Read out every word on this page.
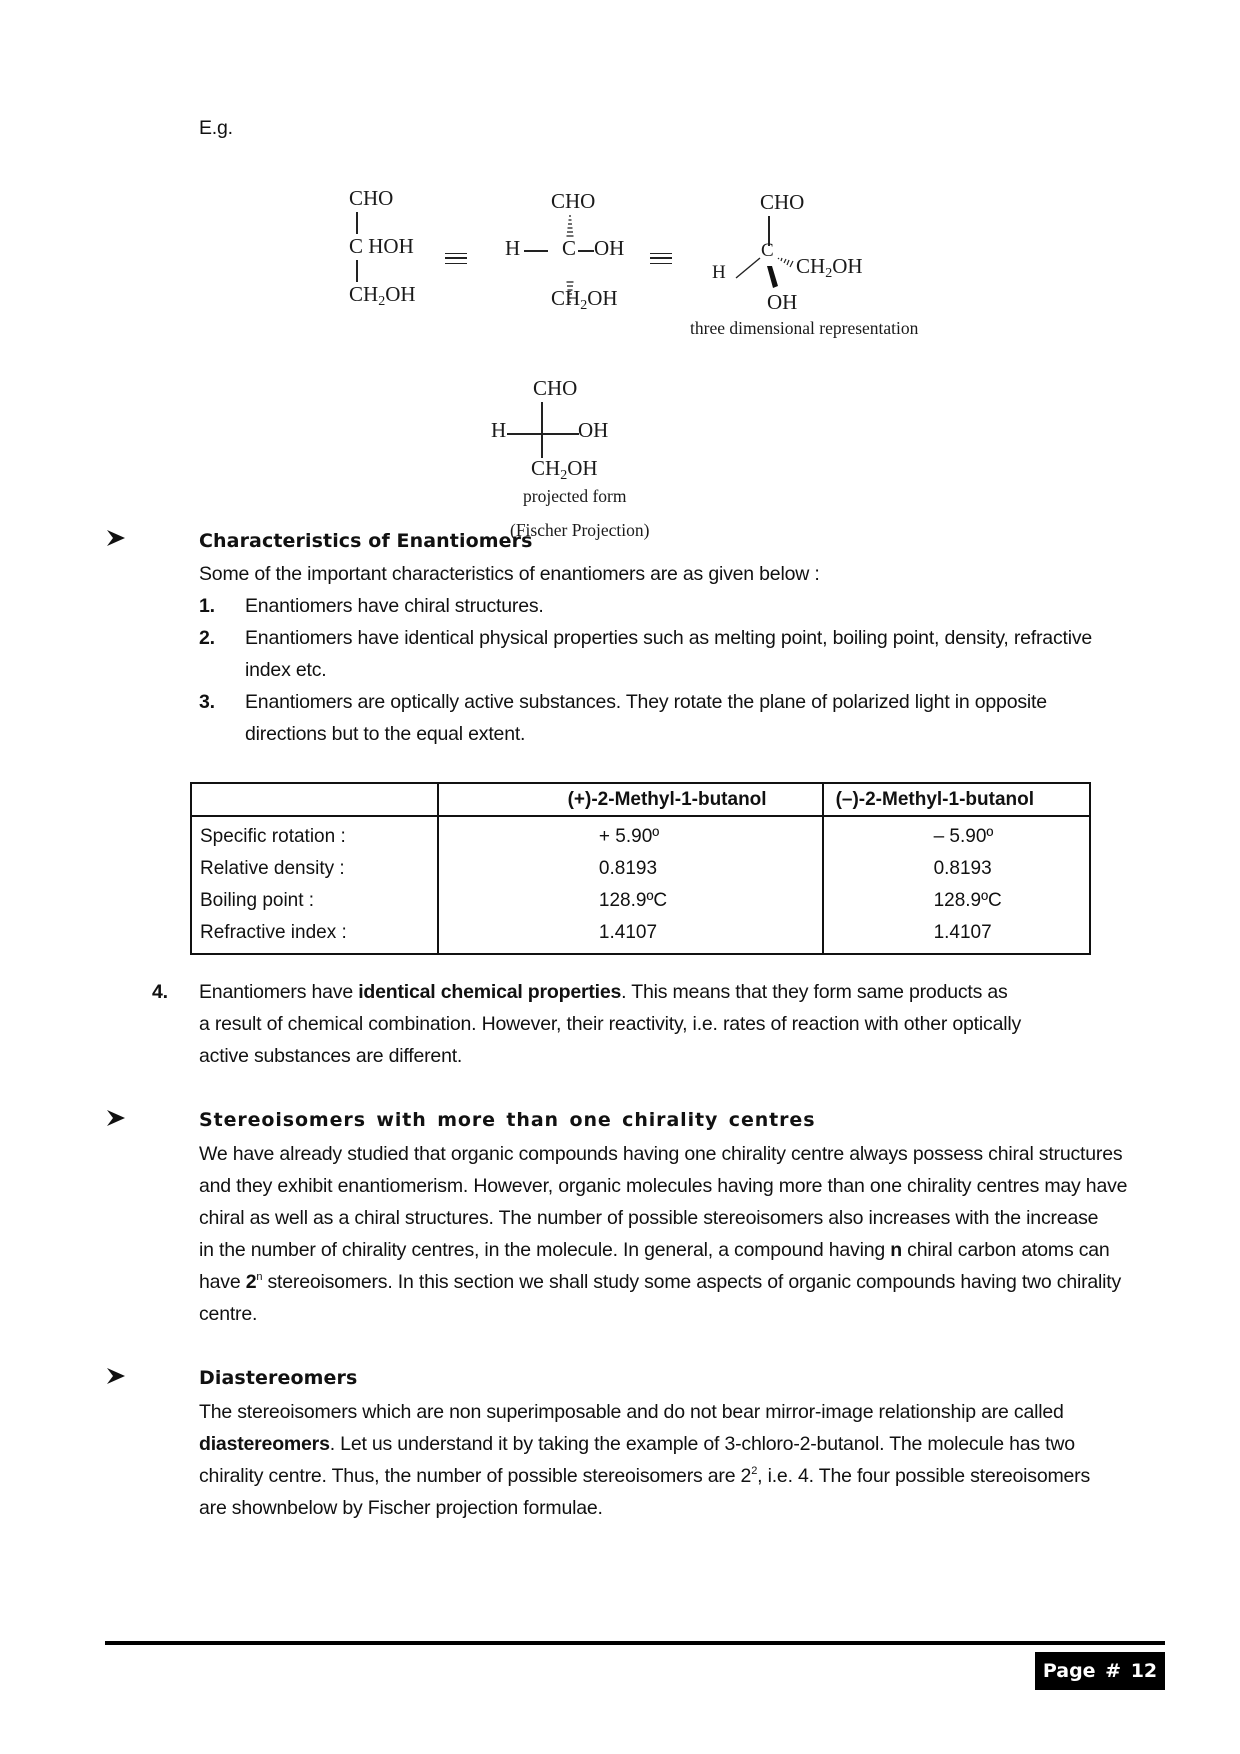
E.g.
CHO
C HOH
$CH_2OH$
CHO
H C OH
$CH_2OH$
CHO
C
H	$CH_2OH$
OH
three dimensional representation
CHO
H	OH
$CH_2OH$
projected form
(Fischer Projection)
Characteristics of Enantiomers
Some of the important characteristics of enantiomers are as given below :
1. Enantiomers have chiral structures.
2. Enantiomers have identical physical properties such as melting point, boiling point, density, refractive
index etc.
3. Enantiomers are optically active substances. They rotate the plane of polarized light in opposite
directions but to the equal extent.
	(+)-2-Methyl-1-butanol	(–)-2-Methyl-1-butanol
Specific rotation :	+ 5.90º	– 5.90º
Relative density :	0.8193	0.8193
Boiling point :	128.9ºC	128.9ºC
Refractive index :	1.4107	1.4107
4. Enantiomers have identical chemical properties. This means that they form same products as
a result of chemical combination. However, their reactivity, i.e. rates of reaction with other optically
active substances are different.
Stereoisomers with more than one chirality centres
We have already studied that organic compounds having one chirality centre always possess chiral structures
and they exhibit enantiomerism. However, organic molecules having more than one chirality centres may have
chiral as well as a chiral structures. The number of possible stereoisomers also increases with the increase
in the number of chirality centres, in the molecule. In general, a compound having n chiral carbon atoms can
have 2$^n$ stereoisomers. In this section we shall study some aspects of organic compounds having two chirality
centre.
Diastereomers
The stereoisomers which are non superimposable and do not bear mirror-image relationship are called
diastereomers. Let us understand it by taking the example of 3-chloro-2-butanol. The molecule has two
chirality centre. Thus, the number of possible stereoisomers are $2^2$, i.e. 4. The four possible stereoisomers
are shownbelow by Fischer projection formulae.
Page # 12
